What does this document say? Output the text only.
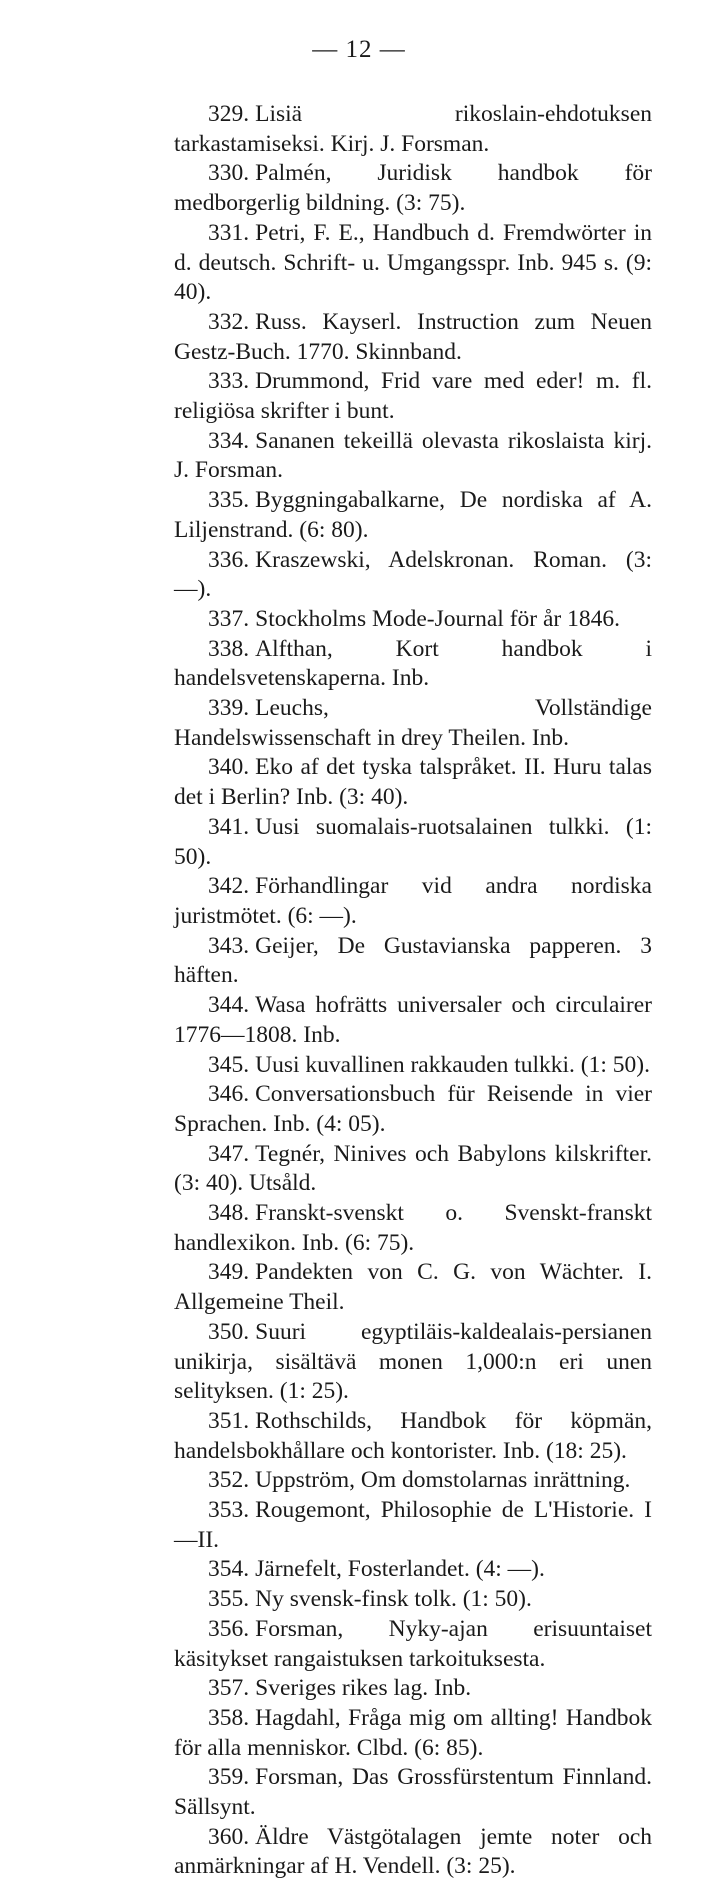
— 12 —

329. Lisiä rikoslain-ehdotuksen tarkastamiseksi. Kirj. J. Forsman.

330. Palmén, Juridisk handbok för medborgerlig bildning. (3: 75).

331. Petri, F. E., Handbuch d. Fremdwörter in d. deutsch. Schrift- u. Umgangsspr. Inb. 945 s. (9: 40).

332. Russ. Kayserl. Instruction zum Neuen Gestz-Buch. 1770. Skinnband.

333. Drummond, Frid vare med eder! m. fl. religiösa skrifter i bunt.

334. Sananen tekeillä olevasta rikoslaista kirj. J. Forsman.

335. Byggningabalkarne, De nordiska af A. Liljenstrand. (6: 80).

336. Kraszewski, Adelskronan. Roman. (3: —).

337. Stockholms Mode-Journal för år 1846.

338. Alfthan, Kort handbok i handelsvetenskaperna. Inb.

339. Leuchs, Vollständige Handelswissenschaft in drey Theilen. Inb.

340. Eko af det tyska talspråket. II. Huru talas det i Berlin? Inb. (3: 40).

341. Uusi suomalais-ruotsalainen tulkki. (1: 50).

342. Förhandlingar vid andra nordiska juristmötet. (6: —).

343. Geijer, De Gustavianska papperen. 3 häften.

344. Wasa hofrätts universaler och circulairer 1776—1808. Inb.

345. Uusi kuvallinen rakkauden tulkki. (1: 50).

346. Conversationsbuch für Reisende in vier Sprachen. Inb. (4: 05).

347. Tegnér, Ninives och Babylons kilskrifter. (3: 40). Utsåld.

348. Franskt-svenskt o. Svenskt-franskt handlexikon. Inb. (6: 75).

349. Pandekten von C. G. von Wächter. I. Allgemeine Theil.

350. Suuri egyptiläis-kaldealais-persianen unikirja, sisältävä monen 1,000:n eri unen selityksen. (1: 25).

351. Rothschilds, Handbok för köpmän, handelsbokhållare och kontorister. Inb. (18: 25).

352. Uppström, Om domstolarnas inrättning.

353. Rougemont, Philosophie de L'Historie. I—II.

354. Järnefelt, Fosterlandet. (4: —).

355. Ny svensk-finsk tolk. (1: 50).

356. Forsman, Nyky-ajan erisuuntaiset käsitykset rangaistuksen tarkoituksesta.

357. Sveriges rikes lag. Inb.

358. Hagdahl, Fråga mig om allting! Handbok för alla menniskor. Clbd. (6: 85).

359. Forsman, Das Grossfürstentum Finnland. Sällsynt.

360. Äldre Västgötalagen jemte noter och anmärkningar af H. Vendell. (3: 25).
